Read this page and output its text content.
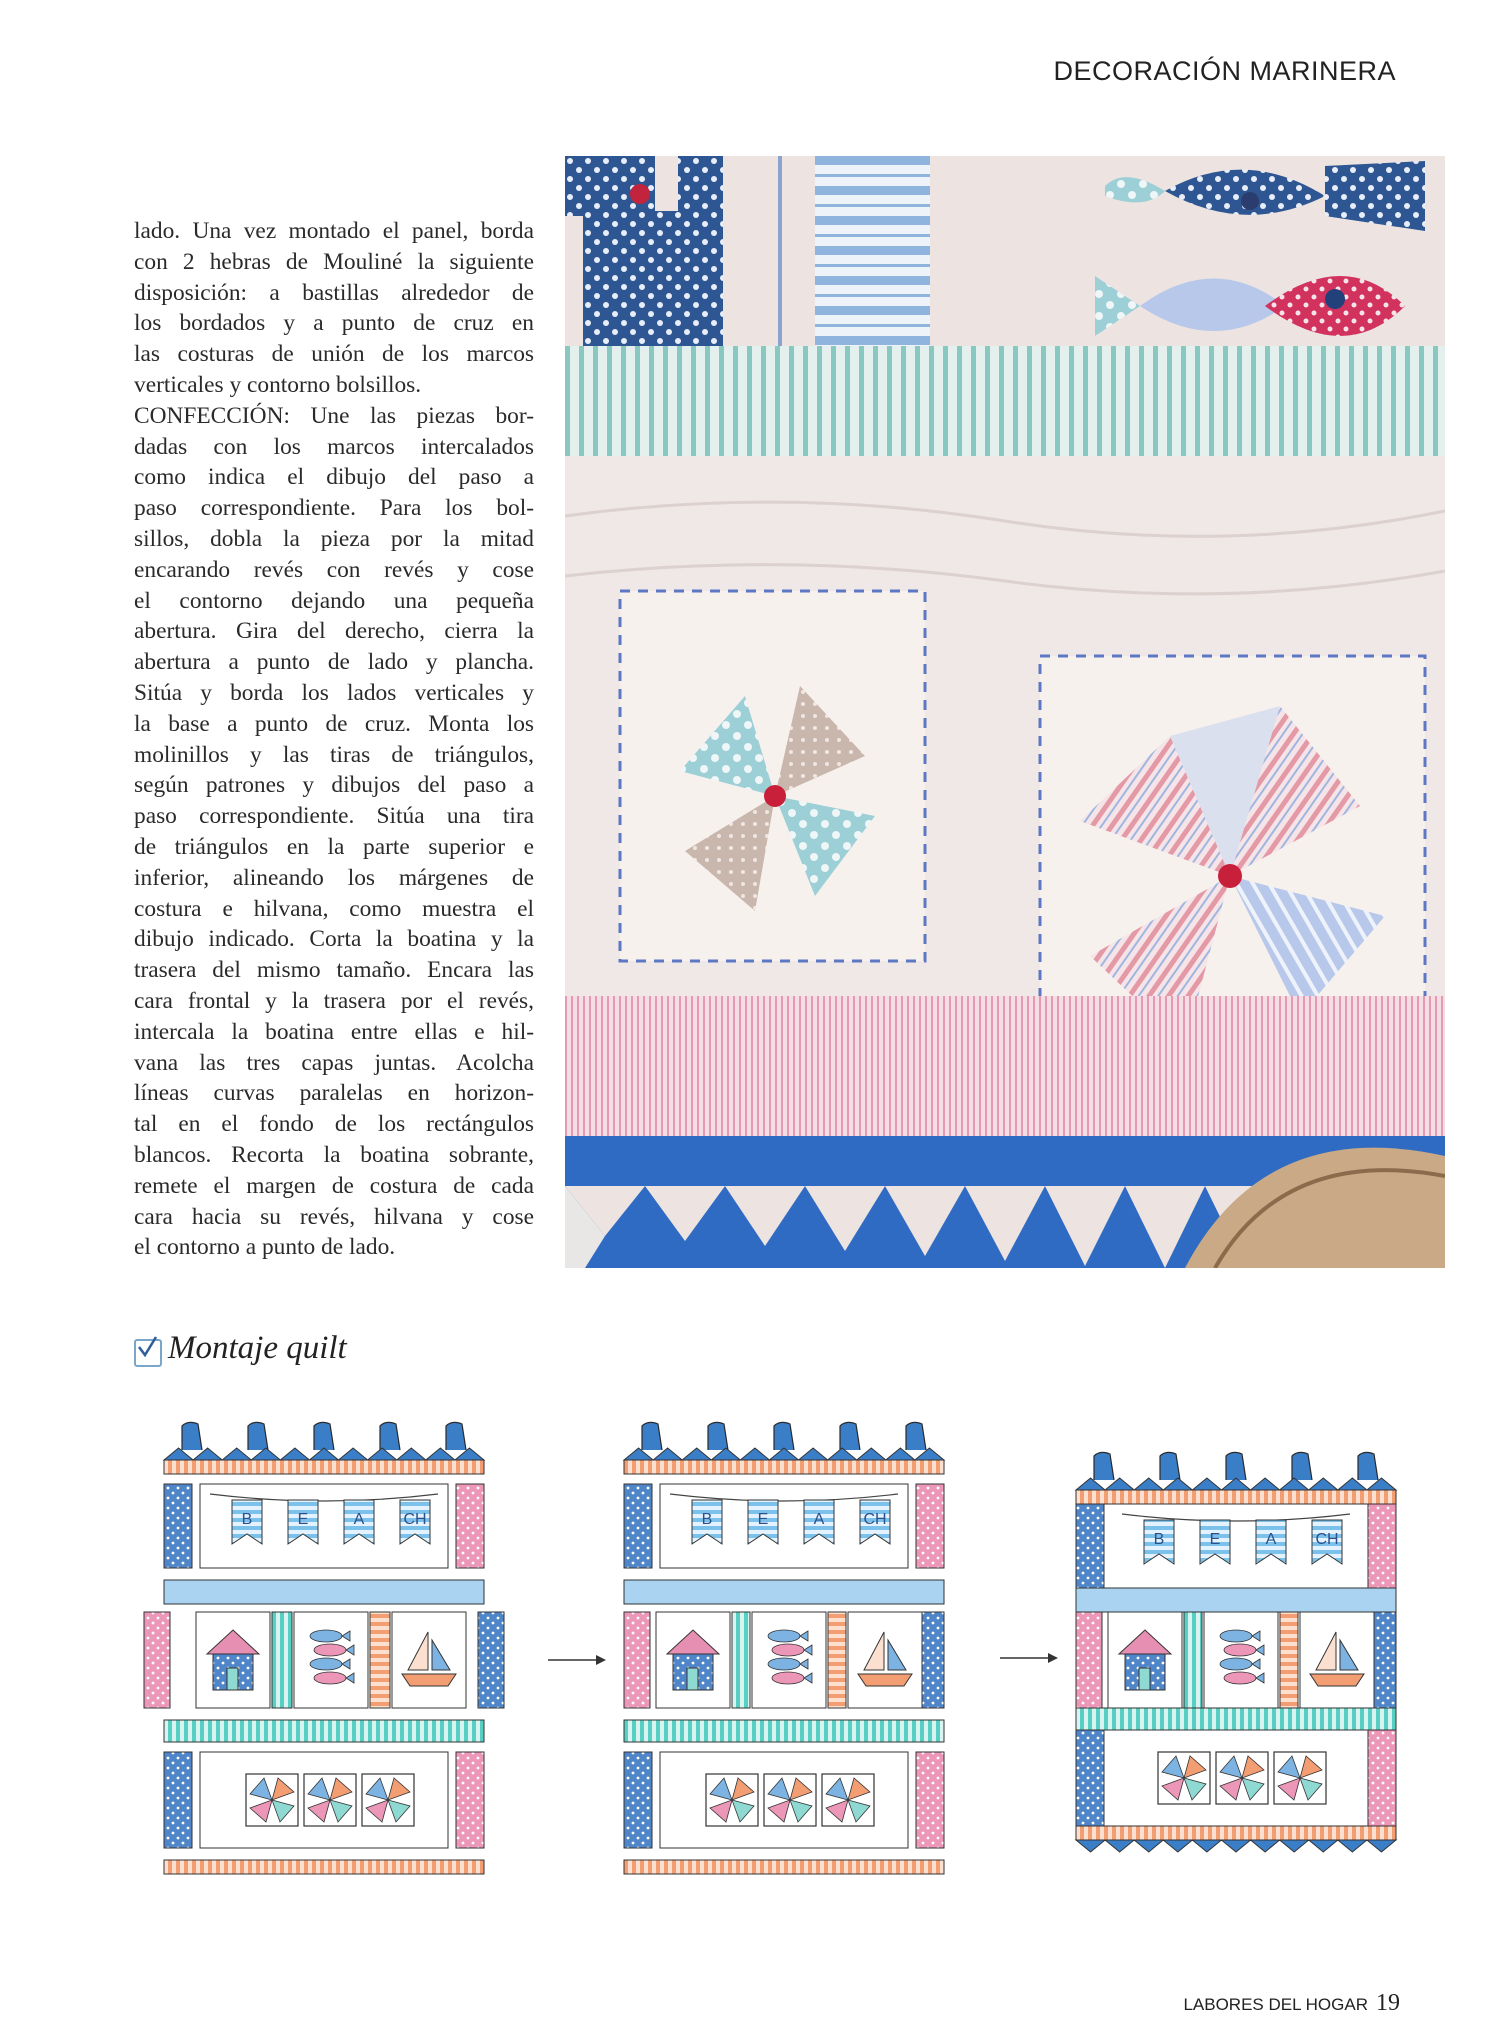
DECORACIÓN MARINERA
lado. Una vez montado el panel, borda
con 2 hebras de Mouliné la siguiente
disposición: a bastillas alrededor de
los bordados y a punto de cruz en
las costuras de unión de los marcos
verticales y contorno bolsillos.
CONFECCIÓN: Une las piezas bor-
dadas con los marcos intercalados
como indica el dibujo del paso a
paso correspondiente. Para los bol-
sillos, dobla la pieza por la mitad
encarando revés con revés y cose
el contorno dejando una pequeña
abertura. Gira del derecho, cierra la
abertura a punto de lado y plancha.
Sitúa y borda los lados verticales y
la base a punto de cruz. Monta los
molinillos y las tiras de triángulos,
según patrones y dibujos del paso a
paso correspondiente. Sitúa una tira
de triángulos en la parte superior e
inferior, alineando los márgenes de
costura e hilvana, como muestra el
dibujo indicado. Corta la boatina y la
trasera del mismo tamaño. Encara las
cara frontal y la trasera por el revés,
intercala la boatina entre ellas e hil-
vana las tres capas juntas. Acolcha
líneas curvas paralelas en horizon-
tal en el fondo de los rectángulos
blancos. Recorta la boatina sobrante,
remete el margen de costura de cada
cara hacia su revés, hilvana y cose
el contorno a punto de lado.
Montaje quilt
B	E	A CH	B	E	A CH
B	E	A CH
LABORES DEL HOGAR 19
